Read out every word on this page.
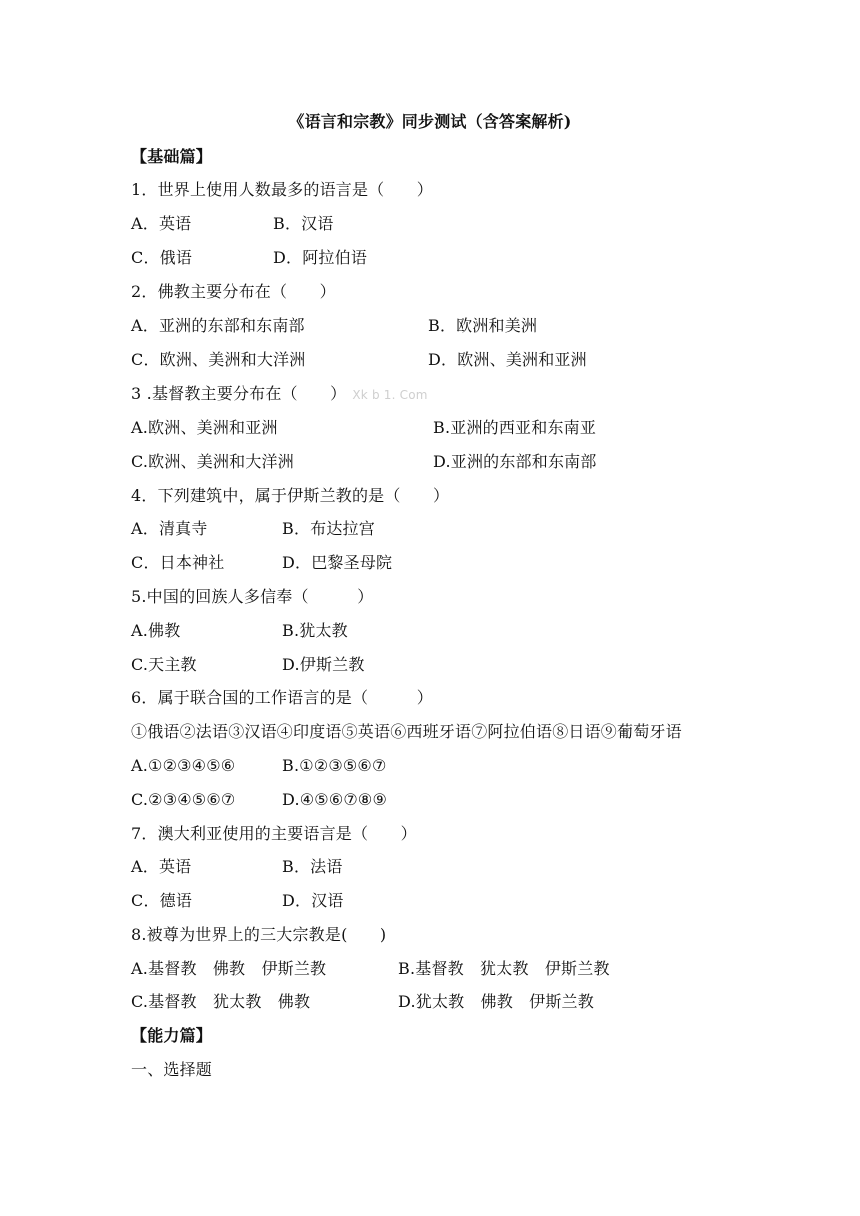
《语言和宗教》同步测试（含答案解析)
【基础篇】
1．世界上使用人数最多的语言是（　　）
A．英语	B．汉语
C．俄语	D．阿拉伯语
2．佛教主要分布在（　　）
A．亚洲的东部和东南部	B．欧洲和美洲
C．欧洲、美洲和大洋洲	D．欧洲、美洲和亚洲
3 .基督教主要分布在（　　） Xk b 1. Com
A.欧洲、美洲和亚洲	B.亚洲的西亚和东南亚
C.欧洲、美洲和大洋洲	D.亚洲的东部和东南部
4．下列建筑中，属于伊斯兰教的是（　　）
A．清真寺	B．布达拉宫
C．日本神社	D．巴黎圣母院
5.中国的回族人多信奉（　　　）
A.佛教	B.犹太教
C.天主教	D.伊斯兰教
6．属于联合国的工作语言的是（　　　）
①俄语②法语③汉语④印度语⑤英语⑥西班牙语⑦阿拉伯语⑧日语⑨葡萄牙语
A.①②③④⑤⑥	B.①②③⑤⑥⑦
C.②③④⑤⑥⑦	D.④⑤⑥⑦⑧⑨
7．澳大利亚使用的主要语言是（　　）
A．英语	B．法语
C．德语	D．汉语
8.被尊为世界上的三大宗教是(　　)
A.基督教　佛教　伊斯兰教	B.基督教　犹太教　伊斯兰教
C.基督教　犹太教　佛教	D.犹太教　佛教　伊斯兰教
【能力篇】
一、选择题
